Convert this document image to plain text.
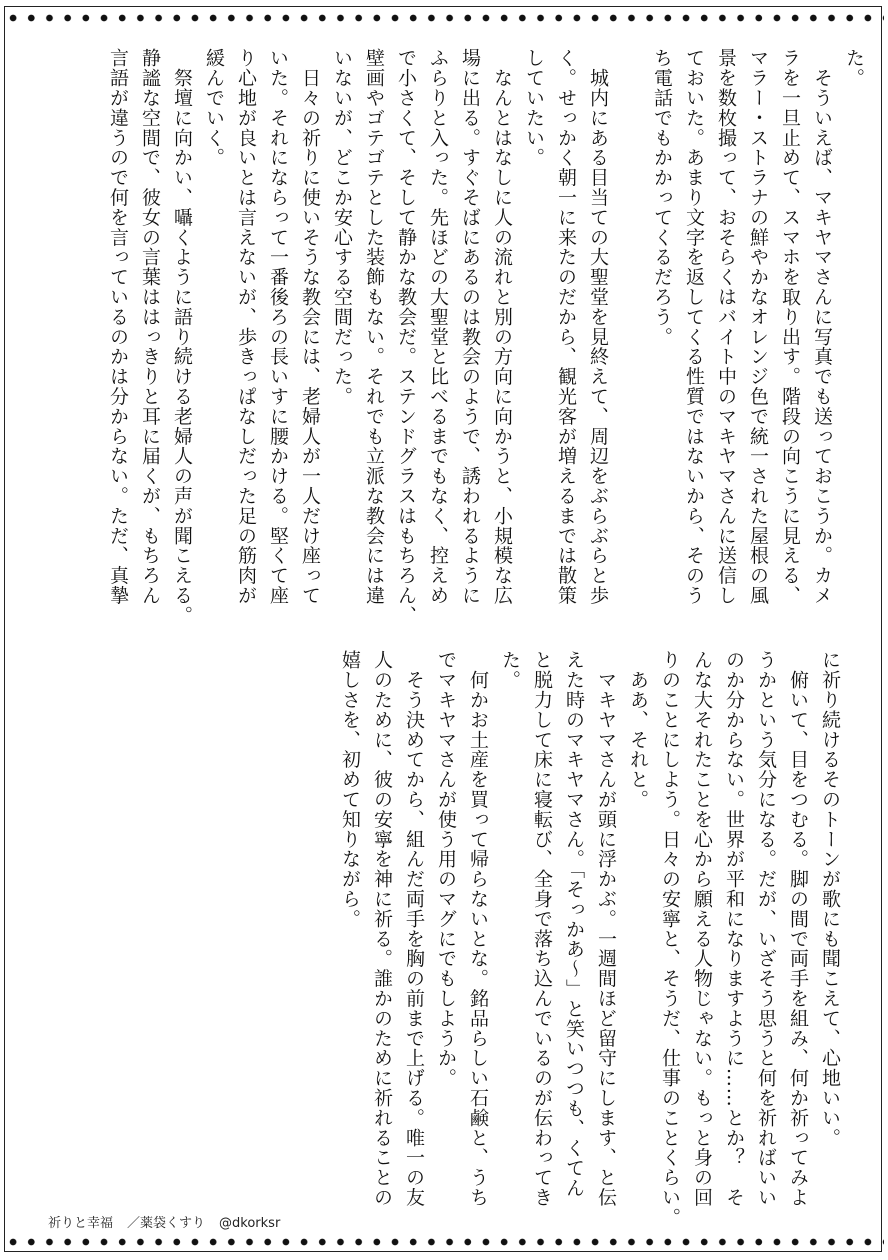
た。

　そういえば、マキヤマさんに写真でも送っておこうか。カメ

ラを一旦止めて、スマホを取り出す。階段の向こうに見える、

マラー・ストラナの鮮やかなオレンジ色で統一された屋根の風

景を数枚撮って、おそらくはバイト中のマキヤマさんに送信し

ておいた。あまり文字を返してくる性質ではないから、そのう

ち電話でもかかってくるだろう。

　城内にある目当ての大聖堂を見終えて、周辺をぶらぶらと歩

く。せっかく朝一に来たのだから、観光客が増えるまでは散策

していたい。

　なんとはなしに人の流れと別の方向に向かうと、小規模な広

場に出る。すぐそばにあるのは教会のようで、誘われるように

ふらりと入った。先ほどの大聖堂と比べるまでもなく、控えめ

で小さくて、そして静かな教会だ。ステンドグラスはもちろん、

壁画やゴテゴテとした装飾もない。それでも立派な教会には違

いないが、どこか安心する空間だった。

　日々の祈りに使いそうな教会には、老婦人が一人だけ座って

いた。それにならって一番後ろの長いすに腰かける。堅くて座

り心地が良いとは言えないが、歩きっぱなしだった足の筋肉が

緩んでいく。

　祭壇に向かい、囁くように語り続ける老婦人の声が聞こえる。

静謐な空間で、彼女の言葉ははっきりと耳に届くが、もちろん

言語が違うので何を言っているのかは分からない。ただ、真摯

に祈り続けるそのトーンが歌にも聞こえて、心地いい。

　俯いて、目をつむる。脚の間で両手を組み、何か祈ってみよ

うかという気分になる。だが、いざそう思うと何を祈ればいい

のか分からない。世界が平和になりますように……とか？　そ

んな大それたことを心から願える人物じゃない。もっと身の回

りのことにしよう。日々の安寧と、そうだ、仕事のことくらい。

　ああ、それと。

　マキヤマさんが頭に浮かぶ。一週間ほど留守にします、と伝

えた時のマキヤマさん。「そっかあ～」と笑いつつも、くてん

と脱力して床に寝転び、全身で落ち込んでいるのが伝わってき

た。

　何かお土産を買って帰らないとな。銘品らしい石鹸と、うち

でマキヤマさんが使う用のマグにでもしようか。

　そう決めてから、組んだ両手を胸の前まで上げる。唯一の友

人のために、彼の安寧を神に祈る。誰かのために祈れることの

嬉しさを、初めて知りながら。

祈りと幸福 ／薬袋くすり @dkorksr
